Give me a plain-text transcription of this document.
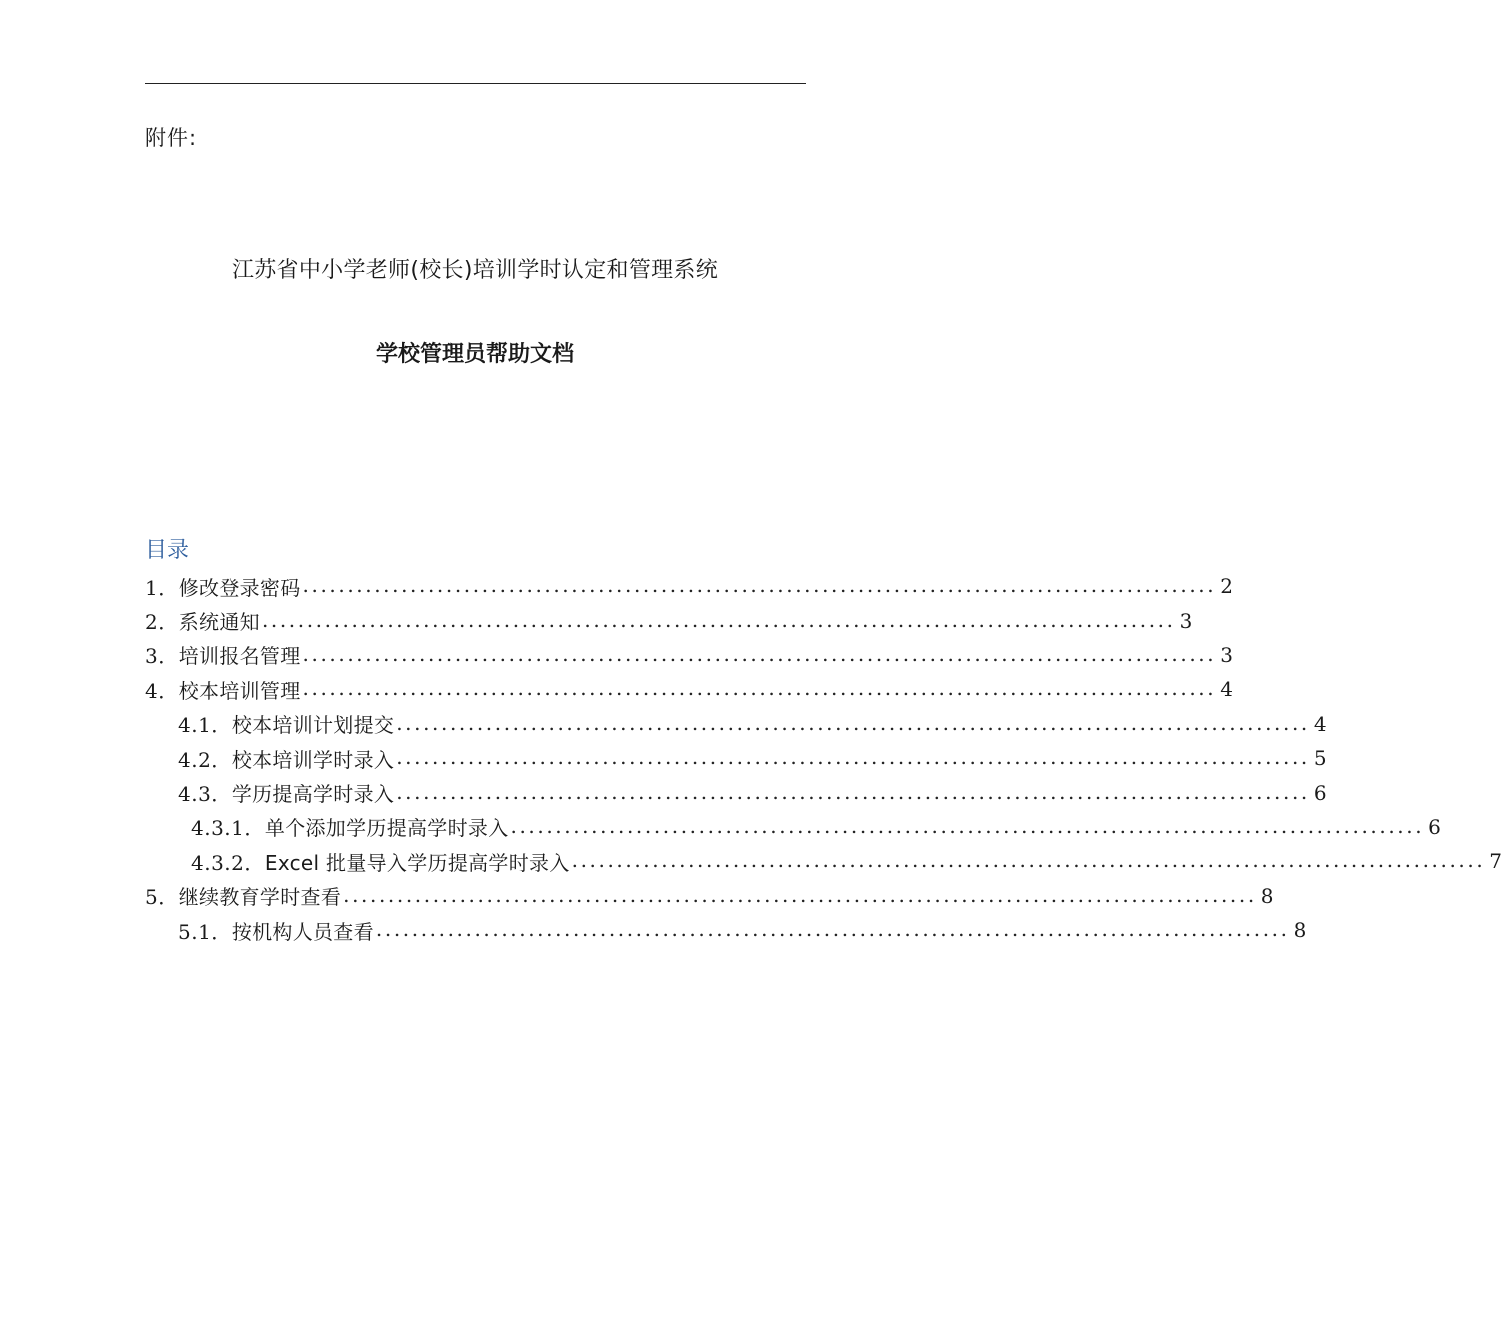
附件:
江苏省中小学老师(校长)培训学时认定和管理系统
学校管理员帮助文档
目录
1． 修改登录密码 ...................................................................................................... 2
2． 系统通知 ...................................................................................................... 3
3． 培训报名管理 ...................................................................................................... 3
4． 校本培训管理 ...................................................................................................... 4
4.1． 校本培训计划提交 ...................................................................................................... 4
4.2． 校本培训学时录入 ...................................................................................................... 5
4.3． 学历提高学时录入 ...................................................................................................... 6
4.3.1． 单个添加学历提高学时录入 ...................................................................................................... 6
4.3.2． Excel 批量导入学历提高学时录入 ...................................................................................................... 7
5． 继续教育学时查看 ...................................................................................................... 8
5.1． 按机构人员查看 ...................................................................................................... 8
